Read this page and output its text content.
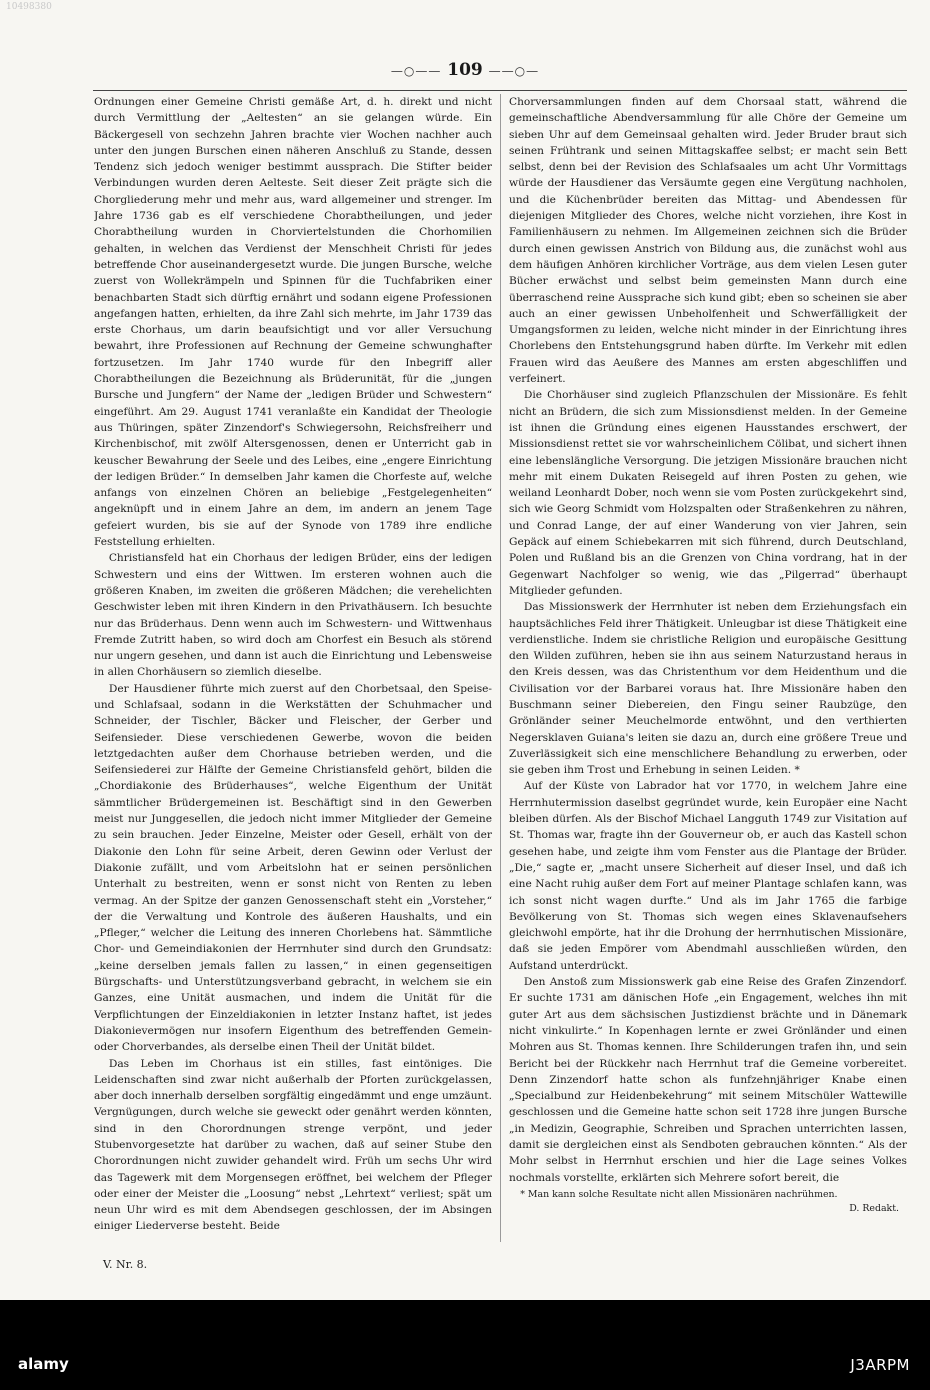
10498380
—○—— 109 ——○—

Ordnungen einer Gemeine Christi gemäße Art, d. h. direkt und nicht durch Vermittlung der „Aeltesten“ an sie gelangen würde. Ein Bäckergesell von sechzehn Jahren brachte vier Wochen nachher auch unter den jungen Burschen einen näheren Anschluß zu Stande, dessen Tendenz sich jedoch weniger bestimmt aussprach. Die Stifter beider Verbindungen wurden deren Aelteste. Seit dieser Zeit prägte sich die Chorgliederung mehr und mehr aus, ward allgemeiner und strenger. Im Jahre 1736 gab es elf verschiedene Chorabtheilungen, und jeder Chorabtheilung wurden in Chorviertelstunden die Chorhomilien gehalten, in welchen das Verdienst der Menschheit Christi für jedes betreffende Chor auseinandergesetzt wurde. Die jungen Bursche, welche zuerst von Wollekrämpeln und Spinnen für die Tuchfabriken einer benachbarten Stadt sich dürftig ernährt und sodann eigene Professionen angefangen hatten, erhielten, da ihre Zahl sich mehrte, im Jahr 1739 das erste Chorhaus, um darin beaufsichtigt und vor aller Versuchung bewahrt, ihre Professionen auf Rechnung der Gemeine schwunghafter fortzusetzen. Im Jahr 1740 wurde für den Inbegriff aller Chorabtheilungen die Bezeichnung als Brüderunität, für die „jungen Bursche und Jungfern“ der Name der „ledigen Brüder und Schwestern“ eingeführt. Am 29. August 1741 veranlaßte ein Kandidat der Theologie aus Thüringen, später Zinzendorf's Schwiegersohn, Reichsfreiherr und Kirchenbischof, mit zwölf Altersgenossen, denen er Unterricht gab in keuscher Bewahrung der Seele und des Leibes, eine „engere Einrichtung der ledigen Brüder.“ In demselben Jahr kamen die Chorfeste auf, welche anfangs von einzelnen Chören an beliebige „Festgelegenheiten“ angeknüpft und in einem Jahre an dem, im andern an jenem Tage gefeiert wurden, bis sie auf der Synode von 1789 ihre endliche Feststellung erhielten.

Christiansfeld hat ein Chorhaus der ledigen Brüder, eins der ledigen Schwestern und eins der Wittwen. Im ersteren wohnen auch die größeren Knaben, im zweiten die größeren Mädchen; die verehelichten Geschwister leben mit ihren Kindern in den Privathäusern. Ich besuchte nur das Brüderhaus. Denn wenn auch im Schwestern- und Wittwenhaus Fremde Zutritt haben, so wird doch am Chorfest ein Besuch als störend nur ungern gesehen, und dann ist auch die Einrichtung und Lebensweise in allen Chorhäusern so ziemlich dieselbe.

Der Hausdiener führte mich zuerst auf den Chorbetsaal, den Speise- und Schlafsaal, sodann in die Werkstätten der Schuhmacher und Schneider, der Tischler, Bäcker und Fleischer, der Gerber und Seifensieder. Diese verschiedenen Gewerbe, wovon die beiden letztgedachten außer dem Chorhause betrieben werden, und die Seifensiederei zur Hälfte der Gemeine Christiansfeld gehört, bilden die „Chordiakonie des Brüderhauses“, welche Eigenthum der Unität sämmtlicher Brüdergemeinen ist. Beschäftigt sind in den Gewerben meist nur Junggesellen, die jedoch nicht immer Mitglieder der Gemeine zu sein brauchen. Jeder Einzelne, Meister oder Gesell, erhält von der Diakonie den Lohn für seine Arbeit, deren Gewinn oder Verlust der Diakonie zufällt, und vom Arbeitslohn hat er seinen persönlichen Unterhalt zu bestreiten, wenn er sonst nicht von Renten zu leben vermag. An der Spitze der ganzen Genossenschaft steht ein „Vorsteher,“ der die Verwaltung und Kontrole des äußeren Haushalts, und ein „Pfleger,“ welcher die Leitung des inneren Chorlebens hat. Sämmtliche Chor- und Gemeindiakonien der Herrnhuter sind durch den Grundsatz: „keine derselben jemals fallen zu lassen,“ in einen gegenseitigen Bürgschafts- und Unterstützungsverband gebracht, in welchem sie ein Ganzes, eine Unität ausmachen, und indem die Unität für die Verpflichtungen der Einzeldiakonien in letzter Instanz haftet, ist jedes Diakonievermögen nur insofern Eigenthum des betreffenden Gemein- oder Chorverbandes, als derselbe einen Theil der Unität bildet.

Das Leben im Chorhaus ist ein stilles, fast eintöniges. Die Leidenschaften sind zwar nicht außerhalb der Pforten zurückgelassen, aber doch innerhalb derselben sorgfältig eingedämmt und enge umzäunt. Vergnügungen, durch welche sie geweckt oder genährt werden könnten, sind in den Chorordnungen strenge verpönt, und jeder Stubenvorgesetzte hat darüber zu wachen, daß auf seiner Stube den Chorordnungen nicht zuwider gehandelt wird. Früh um sechs Uhr wird das Tagewerk mit dem Morgensegen eröffnet, bei welchem der Pfleger oder einer der Meister die „Loosung“ nebst „Lehrtext“ verliest; spät um neun Uhr wird es mit dem Abendsegen geschlossen, der im Absingen einiger Liederverse besteht. Beide

Chorversammlungen finden auf dem Chorsaal statt, während die gemeinschaftliche Abendversammlung für alle Chöre der Gemeine um sieben Uhr auf dem Gemeinsaal gehalten wird. Jeder Bruder braut sich seinen Frühtrank und seinen Mittagskaffee selbst; er macht sein Bett selbst, denn bei der Revision des Schlafsaales um acht Uhr Vormittags würde der Hausdiener das Versäumte gegen eine Vergütung nachholen, und die Küchenbrüder bereiten das Mittag- und Abendessen für diejenigen Mitglieder des Chores, welche nicht vorziehen, ihre Kost in Familienhäusern zu nehmen. Im Allgemeinen zeichnen sich die Brüder durch einen gewissen Anstrich von Bildung aus, die zunächst wohl aus dem häufigen Anhören kirchlicher Vorträge, aus dem vielen Lesen guter Bücher erwächst und selbst beim gemeinsten Mann durch eine überraschend reine Aussprache sich kund gibt; eben so scheinen sie aber auch an einer gewissen Unbeholfenheit und Schwerfälligkeit der Umgangsformen zu leiden, welche nicht minder in der Einrichtung ihres Chorlebens den Entstehungsgrund haben dürfte. Im Verkehr mit edlen Frauen wird das Aeußere des Mannes am ersten abgeschliffen und verfeinert.

Die Chorhäuser sind zugleich Pflanzschulen der Missionäre. Es fehlt nicht an Brüdern, die sich zum Missionsdienst melden. In der Gemeine ist ihnen die Gründung eines eigenen Hausstandes erschwert, der Missionsdienst rettet sie vor wahrscheinlichem Cölibat, und sichert ihnen eine lebenslängliche Versorgung. Die jetzigen Missionäre brauchen nicht mehr mit einem Dukaten Reisegeld auf ihren Posten zu gehen, wie weiland Leonhardt Dober, noch wenn sie vom Posten zurückgekehrt sind, sich wie Georg Schmidt vom Holzspalten oder Straßenkehren zu nähren, und Conrad Lange, der auf einer Wanderung von vier Jahren, sein Gepäck auf einem Schiebekarren mit sich führend, durch Deutschland, Polen und Rußland bis an die Grenzen von China vordrang, hat in der Gegenwart Nachfolger so wenig, wie das „Pilgerrad“ überhaupt Mitglieder gefunden.

Das Missionswerk der Herrnhuter ist neben dem Erziehungsfach ein hauptsächliches Feld ihrer Thätigkeit. Unleugbar ist diese Thätigkeit eine verdienstliche. Indem sie christliche Religion und europäische Gesittung den Wilden zuführen, heben sie ihn aus seinem Naturzustand heraus in den Kreis dessen, was das Christenthum vor dem Heidenthum und die Civilisation vor der Barbarei voraus hat. Ihre Missionäre haben den Buschmann seiner Diebereien, den Fingu seiner Raubzüge, den Grönländer seiner Meuchelmorde entwöhnt, und den verthierten Negersklaven Guiana's leiten sie dazu an, durch eine größere Treue und Zuverlässigkeit sich eine menschlichere Behandlung zu erwerben, oder sie geben ihm Trost und Erhebung in seinen Leiden. *

Auf der Küste von Labrador hat vor 1770, in welchem Jahre eine Herrnhutermission daselbst gegründet wurde, kein Europäer eine Nacht bleiben dürfen. Als der Bischof Michael Langguth 1749 zur Visitation auf St. Thomas war, fragte ihn der Gouverneur ob, er auch das Kastell schon gesehen habe, und zeigte ihm vom Fenster aus die Plantage der Brüder. „Die,“ sagte er, „macht unsere Sicherheit auf dieser Insel, und daß ich eine Nacht ruhig außer dem Fort auf meiner Plantage schlafen kann, was ich sonst nicht wagen durfte.“ Und als im Jahr 1765 die farbige Bevölkerung von St. Thomas sich wegen eines Sklavenaufsehers gleichwohl empörte, hat ihr die Drohung der herrnhutischen Missionäre, daß sie jeden Empörer vom Abendmahl ausschließen würden, den Aufstand unterdrückt.

Den Anstoß zum Missionswerk gab eine Reise des Grafen Zinzendorf. Er suchte 1731 am dänischen Hofe „ein Engagement, welches ihn mit guter Art aus dem sächsischen Justizdienst brächte und in Dänemark nicht vinkulirte.“ In Kopenhagen lernte er zwei Grönländer und einen Mohren aus St. Thomas kennen. Ihre Schilderungen trafen ihn, und sein Bericht bei der Rückkehr nach Herrnhut traf die Gemeine vorbereitet. Denn Zinzendorf hatte schon als funfzehnjähriger Knabe einen „Specialbund zur Heidenbekehrung“ mit seinem Mitschüler Wattewille geschlossen und die Gemeine hatte schon seit 1728 ihre jungen Bursche „in Medizin, Geographie, Schreiben und Sprachen unterrichten lassen, damit sie dergleichen einst als Sendboten gebrauchen könnten.“ Als der Mohr selbst in Herrnhut erschien und hier die Lage seines Volkes nochmals vorstellte, erklärten sich Mehrere sofort bereit, die

* Man kann solche Resultate nicht allen Missionären nachrühmen.
D. Redakt.
V. Nr. 8.
alamy	J3ARPM
